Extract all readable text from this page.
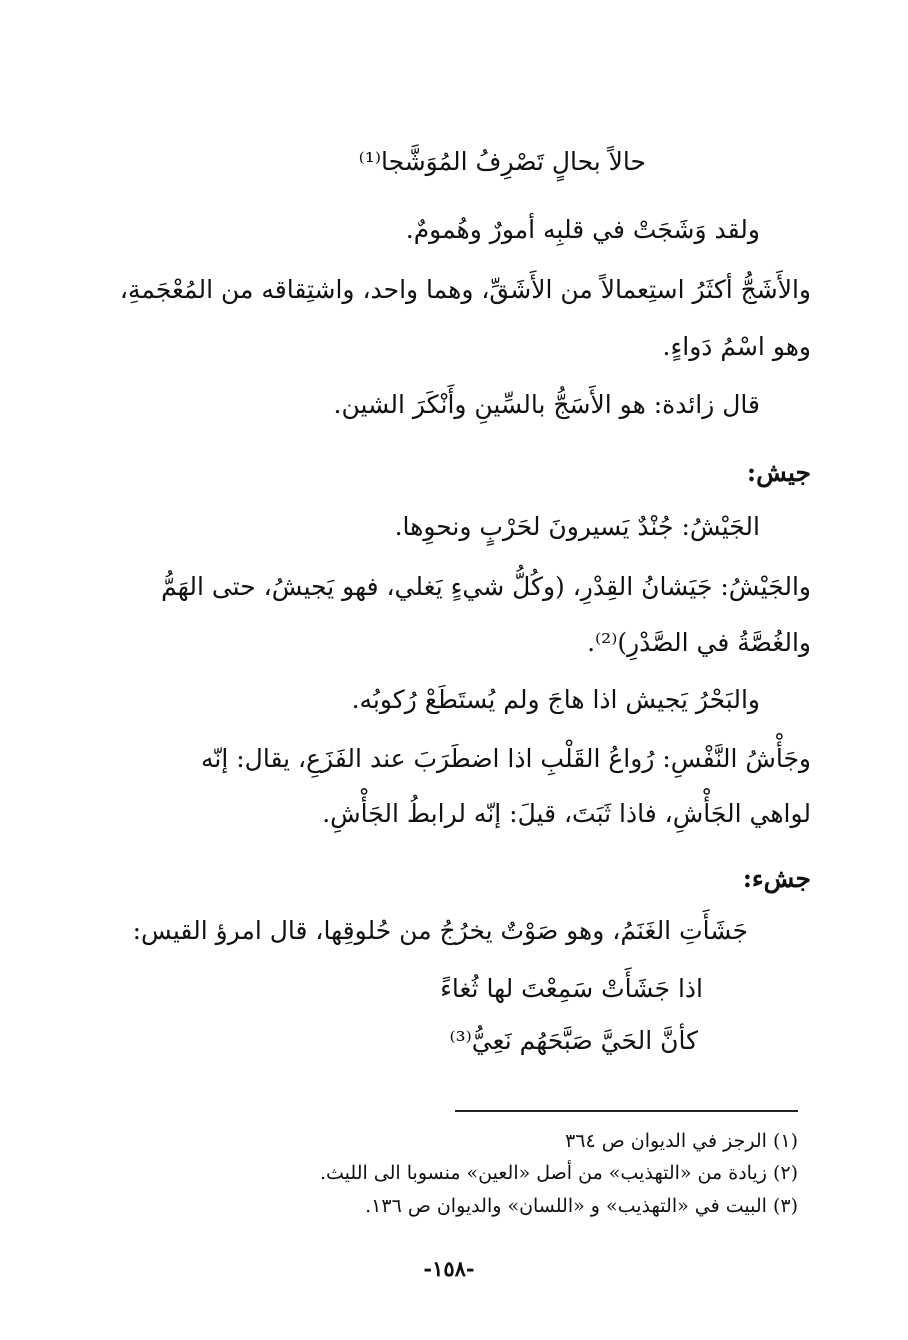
حالاً بحالٍ تَصْرِفُ المُوَشَّجا⁽¹⁾
ولقد وَشَجَتْ في قلبِه أمورٌ وهُمومٌ.
والأَشَجُّ أكثَرُ استِعمالاً من الأَشَقِّ، وهما واحد، واشتِقاقه من المُعْجَمةِ،
وهو اسْمُ دَواءٍ.
قال زائدة: هو الأَسَجُّ بالسِّينِ وأَنْكَرَ الشين.
جيش:
الجَيْشُ: جُنْدٌ يَسيرونَ لحَرْبٍ ونحوِها.
والجَيْشُ: جَيَشانُ القِدْرِ، (وكُلُّ شيءٍ يَغلي، فهو يَجيشُ، حتى الهَمُّ
والغُصَّةُ في الصَّدْرِ)⁽²⁾.
والبَحْرُ يَجيش اذا هاجَ ولم يُستَطَعْ رُكوبُه.
وجَأْشُ النَّفْسِ: رُواعُ القَلْبِ اذا اضطَرَبَ عند الفَزَعِ، يقال: إنّه
لواهي الجَأْشِ، فاذا ثَبَتَ، قيلَ: إنّه لرابطُ الجَأْشِ.
جشء:
جَشَأَتِ الغَنَمُ، وهو صَوْتٌ يخرُجُ من حُلوقِها، قال امرؤ القيس:
اذا جَشَأَتْ سَمِعْتَ لها ثُغاءً
كأنَّ الحَيَّ صَبَّحَهُم نَعِيُّ⁽³⁾
(١) الرجز في الديوان ص ٣٦٤
(٢) زيادة من «التهذيب» من أصل «العين» منسوبا الى الليث.
(٣) البيت في «التهذيب» و «اللسان» والديوان ص ١٣٦.
-١٥٨-
